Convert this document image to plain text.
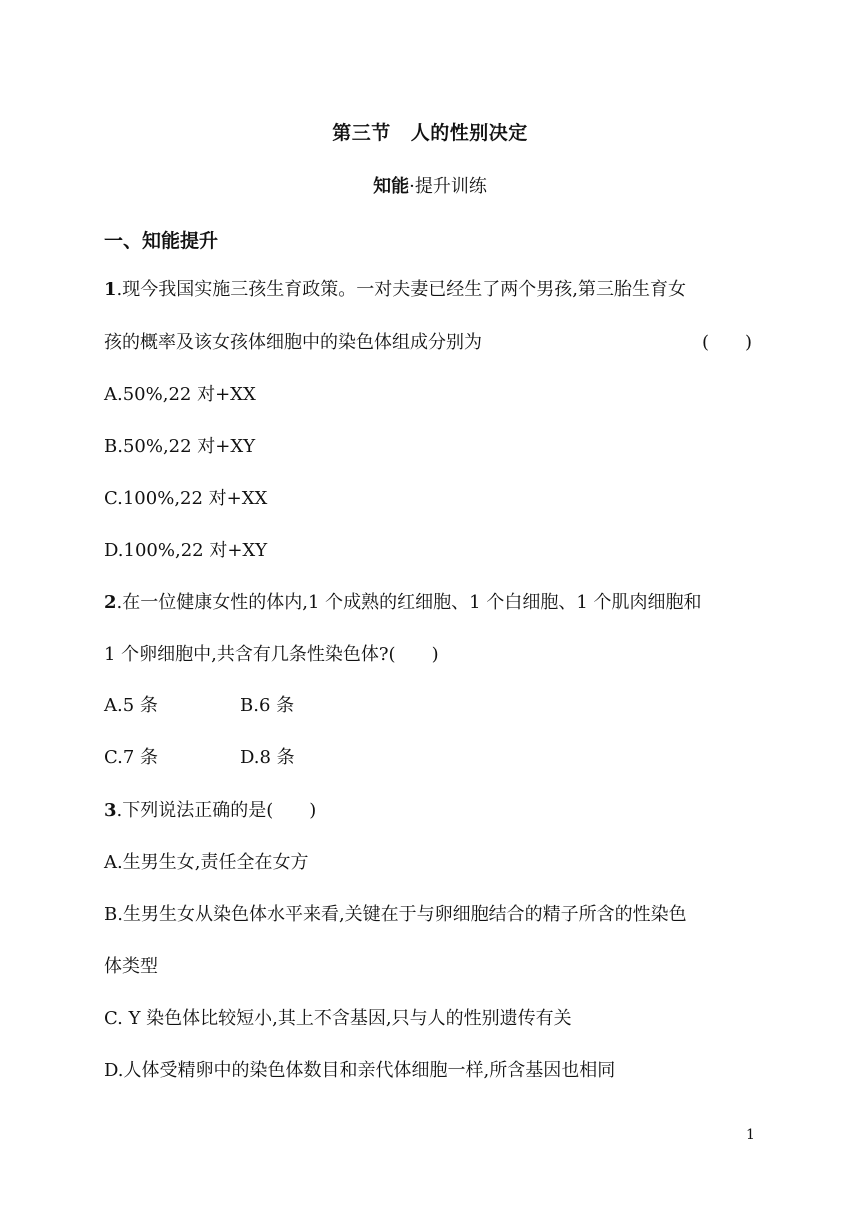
第三节 人的性别决定
知能·提升训练
一、知能提升
1.现今我国实施三孩生育政策。一对夫妻已经生了两个男孩,第三胎生育女
孩的概率及该女孩体细胞中的染色体组成分别为	(　　)
A.50%,22 对+XX
B.50%,22 对+XY
C.100%,22 对+XX
D.100%,22 对+XY
2.在一位健康女性的体内,1 个成熟的红细胞、1 个白细胞、1 个肌肉细胞和
1 个卵细胞中,共含有几条性染色体?(　　)
A.5 条	B.6 条
C.7 条	D.8 条
3.下列说法正确的是(　　)
A.生男生女,责任全在女方
B.生男生女从染色体水平来看,关键在于与卵细胞结合的精子所含的性染色
体类型
C. Y 染色体比较短小,其上不含基因,只与人的性别遗传有关
D.人体受精卵中的染色体数目和亲代体细胞一样,所含基因也相同
1
